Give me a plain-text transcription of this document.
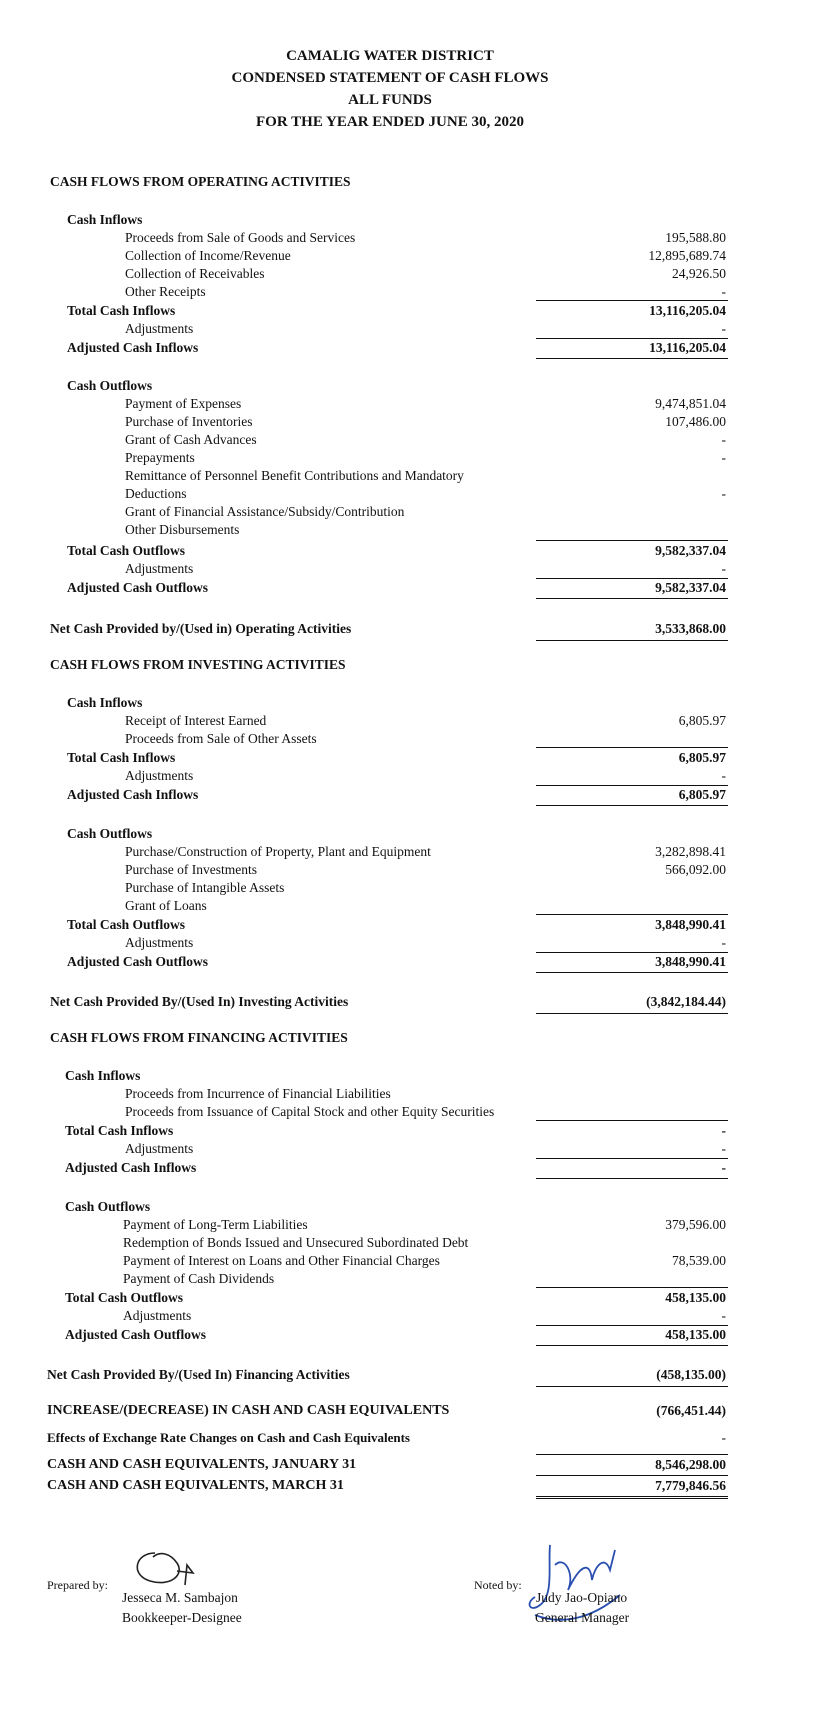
CAMALIG WATER DISTRICT
CONDENSED STATEMENT OF CASH FLOWS
ALL FUNDS
FOR THE YEAR ENDED JUNE 30, 2020
CASH FLOWS FROM OPERATING ACTIVITIES
Cash Inflows
Proceeds from Sale of Goods and Services	195,588.80
Collection of Income/Revenue	12,895,689.74
Collection of Receivables	24,926.50
Other Receipts	-
Total Cash Inflows	13,116,205.04
Adjustments	-
Adjusted Cash Inflows	13,116,205.04
Cash Outflows
Payment of Expenses	9,474,851.04
Purchase of Inventories	107,486.00
Grant of Cash Advances	-
Prepayments	-
Remittance of Personnel Benefit Contributions and Mandatory
Deductions	-
Grant of Financial Assistance/Subsidy/Contribution
Other Disbursements
Total Cash Outflows	9,582,337.04
Adjustments	-
Adjusted Cash Outflows	9,582,337.04
Net Cash Provided by/(Used in) Operating Activities	3,533,868.00
CASH FLOWS FROM INVESTING ACTIVITIES
Cash Inflows
Receipt of Interest Earned	6,805.97
Proceeds from Sale of Other Assets
Total Cash Inflows	6,805.97
Adjustments	-
Adjusted Cash Inflows	6,805.97
Cash Outflows
Purchase/Construction of Property, Plant and Equipment	3,282,898.41
Purchase of Investments	566,092.00
Purchase of Intangible Assets
Grant of Loans
Total Cash Outflows	3,848,990.41
Adjustments	-
Adjusted Cash Outflows	3,848,990.41
Net Cash Provided By/(Used In) Investing Activities	(3,842,184.44)
CASH FLOWS FROM FINANCING ACTIVITIES
Cash Inflows
Proceeds from Incurrence of Financial Liabilities
Proceeds from Issuance of Capital Stock and other Equity Securities
Total Cash Inflows	-
Adjustments	-
Adjusted Cash Inflows	-
Cash Outflows
Payment of Long-Term Liabilities	379,596.00
Redemption of Bonds Issued and Unsecured Subordinated Debt
Payment of Interest on Loans and Other Financial Charges	78,539.00
Payment of Cash Dividends
Total Cash Outflows	458,135.00
Adjustments	-
Adjusted Cash Outflows	458,135.00
Net Cash Provided By/(Used In) Financing Activities	(458,135.00)
INCREASE/(DECREASE) IN CASH AND CASH EQUIVALENTS	(766,451.44)
Effects of Exchange Rate Changes on Cash and Cash Equivalents	-
CASH AND CASH EQUIVALENTS, JANUARY 31	8,546,298.00
CASH AND CASH EQUIVALENTS, MARCH 31	7,779,846.56
Prepared by:
Jesseca M. Sambajon
Bookkeeper-Designee
Noted by:
Judy Jao-Opiano
General Manager
